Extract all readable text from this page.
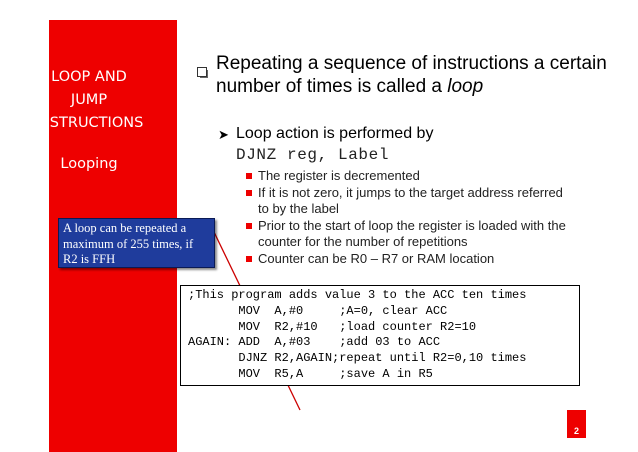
LOOP AND
JUMP
INSTRUCTIONS
Looping
A loop can be repeated a
maximum of 255 times, if
R2 is FFH
Repeating a sequence of instructions a certain number of times is called a loop
➤ Loop action is performed by
DJNZ reg, Label
The register is decremented
If it is not zero, it jumps to the target address referred to by the label
Prior to the start of loop the register is loaded with the counter for the number of repetitions
Counter can be R0 – R7 or RAM location
;This program adds value 3 to the ACC ten times
MOV  A,#0     ;A=0, clear ACC
MOV  R2,#10   ;load counter R2=10
AGAIN: ADD  A,#03    ;add 03 to ACC
DJNZ R2,AGAIN;repeat until R2=0,10 times
MOV  R5,A     ;save A in R5
2
